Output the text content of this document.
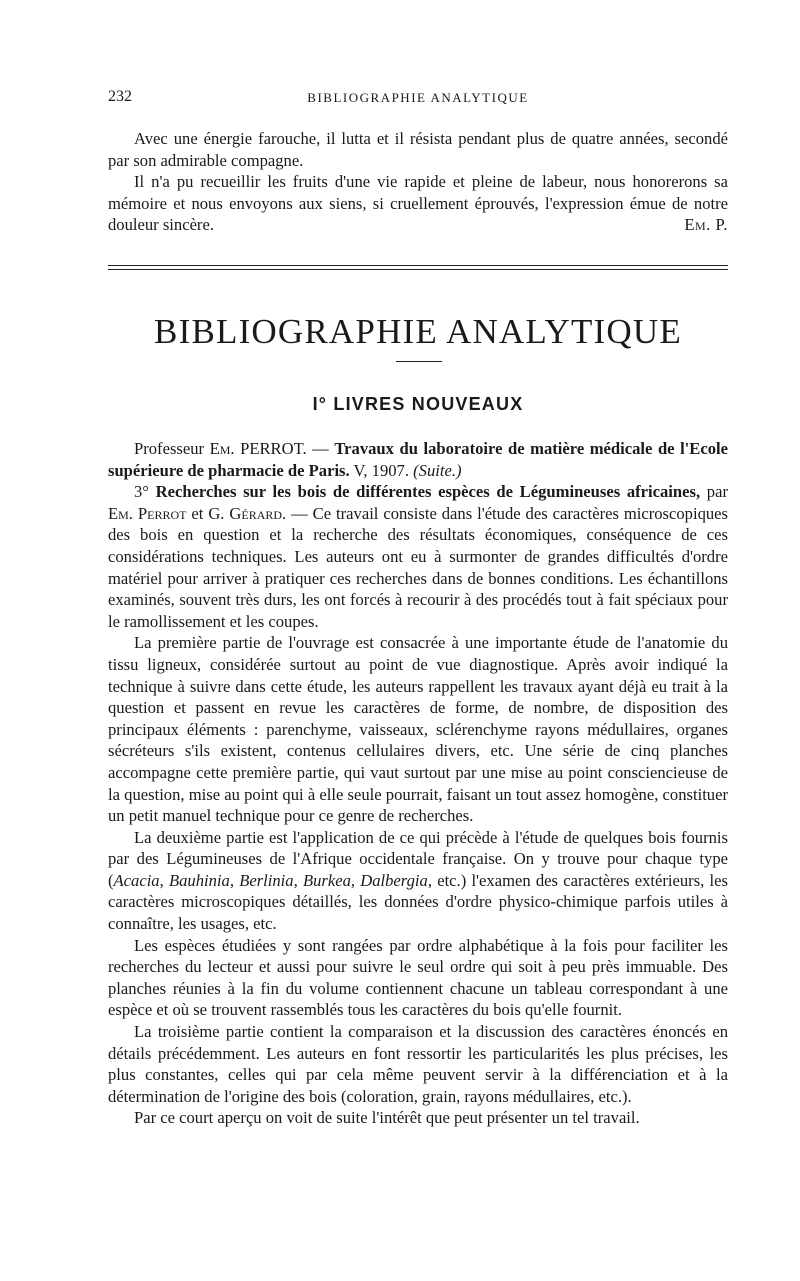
232	BIBLIOGRAPHIE ANALYTIQUE

Avec une énergie farouche, il lutta et il résista pendant plus de quatre années, secondé par son admirable compagne.

Il n'a pu recueillir les fruits d'une vie rapide et pleine de labeur, nous honorerons sa mémoire et nous envoyons aux siens, si cruellement éprouvés, l'expression émue de notre douleur sincère.	Em. P.

BIBLIOGRAPHIE ANALYTIQUE
I° LIVRES NOUVEAUX

Professeur Em. PERROT. — Travaux du laboratoire de matière médicale de l'Ecole supérieure de pharmacie de Paris. V, 1907. (Suite.)

3° Recherches sur les bois de différentes espèces de Légumineuses africaines, par Em. Perrot et G. Gérard. — Ce travail consiste dans l'étude des caractères microscopiques des bois en question et la recherche des résultats économiques, conséquence de ces considérations techniques. Les auteurs ont eu à surmonter de grandes difficultés d'ordre matériel pour arriver à pratiquer ces recherches dans de bonnes conditions. Les échantillons examinés, souvent très durs, les ont forcés à recourir à des procédés tout à fait spéciaux pour le ramollissement et les coupes.

La première partie de l'ouvrage est consacrée à une importante étude de l'anatomie du tissu ligneux, considérée surtout au point de vue diagnostique. Après avoir indiqué la technique à suivre dans cette étude, les auteurs rappellent les travaux ayant déjà eu trait à la question et passent en revue les caractères de forme, de nombre, de disposition des principaux éléments : parenchyme, vaisseaux, sclérenchyme rayons médullaires, organes sécréteurs s'ils existent, contenus cellulaires divers, etc. Une série de cinq planches accompagne cette première partie, qui vaut surtout par une mise au point consciencieuse de la question, mise au point qui à elle seule pourrait, faisant un tout assez homogène, constituer un petit manuel technique pour ce genre de recherches.

La deuxième partie est l'application de ce qui précède à l'étude de quelques bois fournis par des Légumineuses de l'Afrique occidentale française. On y trouve pour chaque type (Acacia, Bauhinia, Berlinia, Burkea, Dalbergia, etc.) l'examen des caractères extérieurs, les caractères microscopiques détaillés, les données d'ordre physico-chimique parfois utiles à connaître, les usages, etc.

Les espèces étudiées y sont rangées par ordre alphabétique à la fois pour faciliter les recherches du lecteur et aussi pour suivre le seul ordre qui soit à peu près immuable. Des planches réunies à la fin du volume contiennent chacune un tableau correspondant à une espèce et où se trouvent rassemblés tous les caractères du bois qu'elle fournit.

La troisième partie contient la comparaison et la discussion des caractères énoncés en détails précédemment. Les auteurs en font ressortir les particularités les plus précises, les plus constantes, celles qui par cela même peuvent servir à la différenciation et à la détermination de l'origine des bois (coloration, grain, rayons médullaires, etc.).

Par ce court aperçu on voit de suite l'intérêt que peut présenter un tel travail.
